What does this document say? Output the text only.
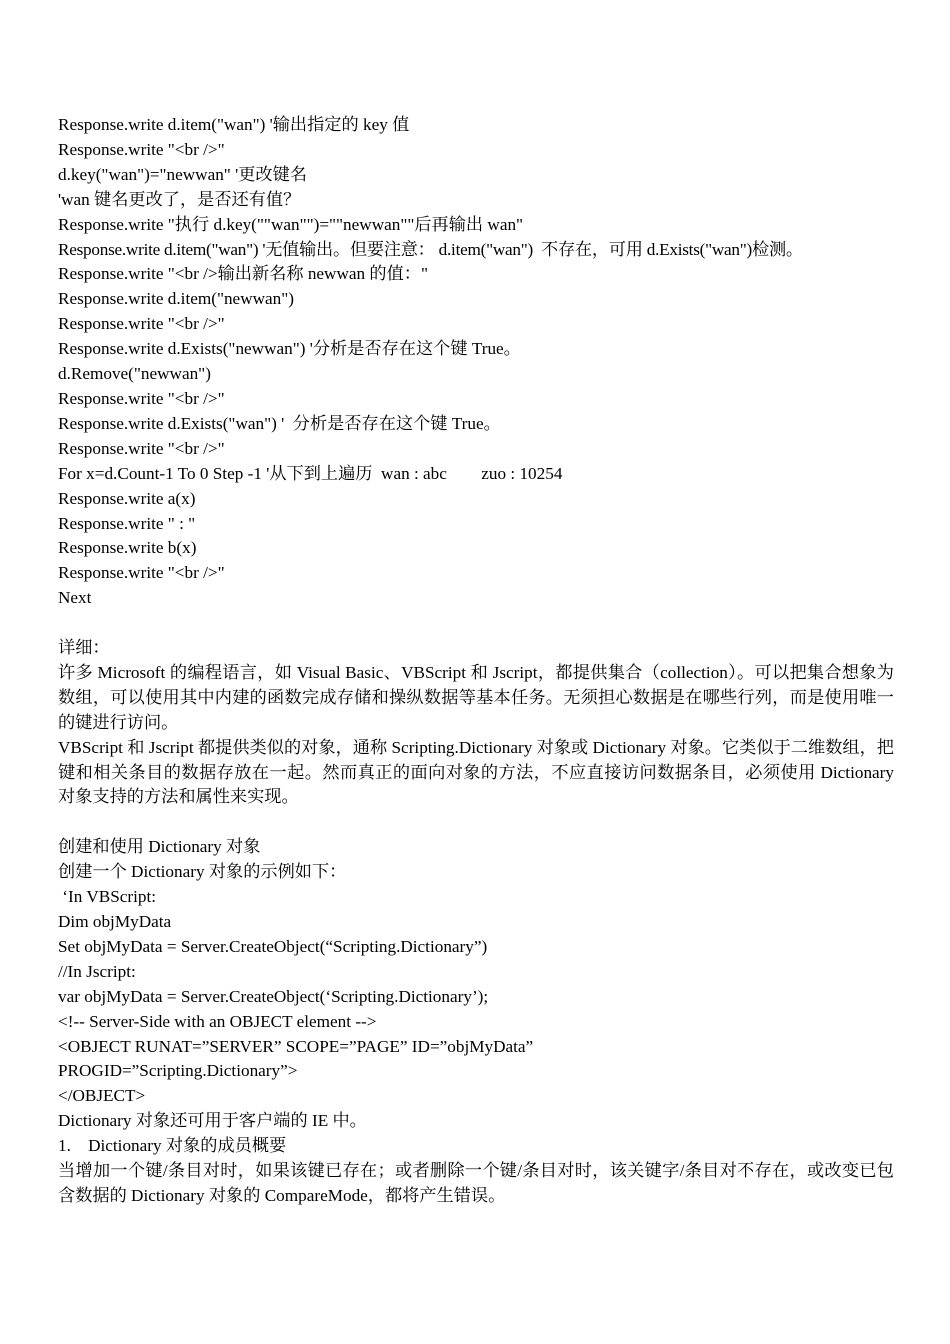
Response.write d.item("wan") '输出指定的 key 值
Response.write "<br />"
d.key("wan")="newwan" '更改键名
'wan 键名更改了，是否还有值？
Response.write "执行 d.key(""wan"")=""newwan""后再输出 wan"
Response.write d.item("wan") '无值输出。但要注意： d.item("wan")  不存在，可用 d.Exists("wan")检测。
Response.write "<br />输出新名称 newwan 的值："
Response.write d.item("newwan")
Response.write "<br />"
Response.write d.Exists("newwan") '分析是否存在这个键 True。
d.Remove("newwan")
Response.write "<br />"
Response.write d.Exists("wan") '  分析是否存在这个键 True。
Response.write "<br />"
For x=d.Count-1 To 0 Step -1 '从下到上遍历  wan : abc        zuo : 10254
Response.write a(x)
Response.write " : "
Response.write b(x)
Response.write "<br />"
Next
详细：
许多 Microsoft 的编程语言，如 Visual Basic、VBScript 和 Jscript，都提供集合（collection）。可以把集合想象为数组，可以使用其中内建的函数完成存储和操纵数据等基本任务。无须担心数据是在哪些行列，而是使用唯一的键进行访问。
VBScript 和 Jscript 都提供类似的对象，通称 Scripting.Dictionary 对象或 Dictionary 对象。它类似于二维数组，把键和相关条目的数据存放在一起。然而真正的面向对象的方法，不应直接访问数据条目，必须使用 Dictionary 对象支持的方法和属性来实现。
创建和使用 Dictionary 对象
创建一个 Dictionary 对象的示例如下：
‘In VBScript:
Dim objMyData
Set objMyData = Server.CreateObject(“Scripting.Dictionary”)
//In Jscript:
var objMyData = Server.CreateObject(‘Scripting.Dictionary’);
<!-- Server-Side with an OBJECT element -->
<OBJECT RUNAT=”SERVER” SCOPE=”PAGE” ID=”objMyData”
PROGID=”Scripting.Dictionary”>
</OBJECT>
Dictionary 对象还可用于客户端的 IE 中。
1.    Dictionary 对象的成员概要
当增加一个键/条目对时，如果该键已存在；或者删除一个键/条目对时，该关键字/条目对不存在，或改变已包含数据的 Dictionary 对象的 CompareMode，都将产生错误。
